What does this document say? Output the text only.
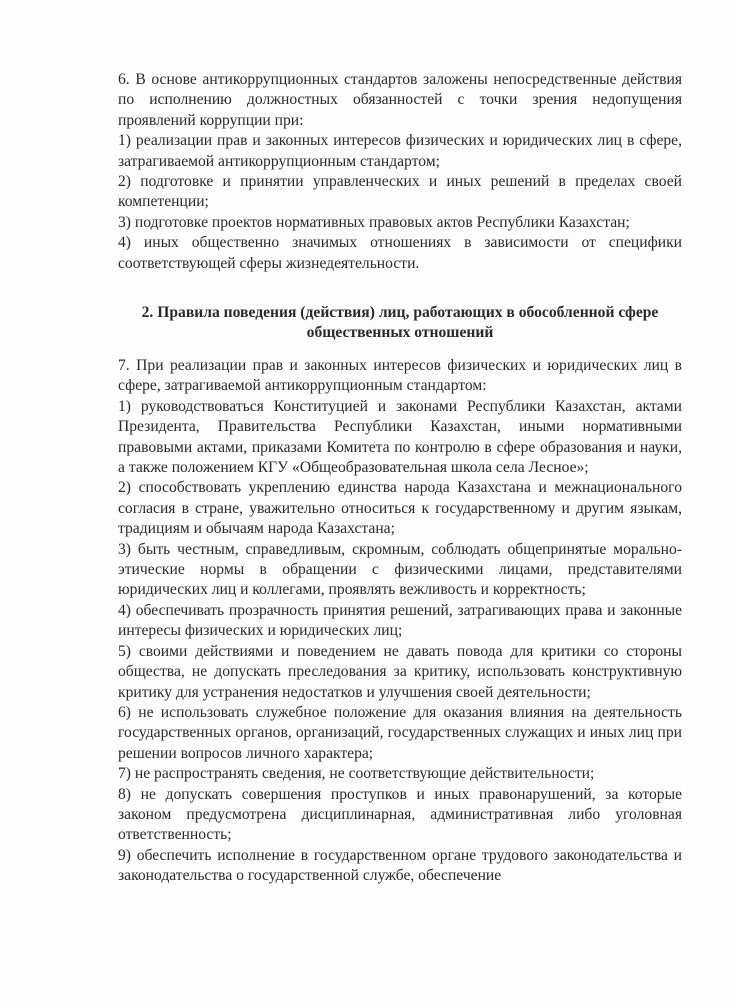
6. В основе антикоррупционных стандартов заложены непосредственные действия по исполнению должностных обязанностей с точки зрения недопущения проявлений коррупции при:

1) реализации прав и законных интересов физических и юридических лиц в сфере, затрагиваемой антикоррупционным стандартом;

2) подготовке и принятии управленческих и иных решений в пределах своей компетенции;

3) подготовке проектов нормативных правовых актов Республики Казахстан;

4) иных общественно значимых отношениях в зависимости от специфики соответствующей сферы жизнедеятельности.

2. Правила поведения (действия) лиц, работающих в обособленной сфере общественных отношений

7. При реализации прав и законных интересов физических и юридических лиц в сфере, затрагиваемой антикоррупционным стандартом:

1) руководствоваться Конституцией и законами Республики Казахстан, актами Президента, Правительства Республики Казахстан, иными нормативными правовыми актами, приказами Комитета по контролю в сфере образования и науки, а также положением КГУ «Общеобразовательная школа села Лесное»;

2) способствовать укреплению единства народа Казахстана и межнационального согласия в стране, уважительно относиться к государственному и другим языкам, традициям и обычаям народа Казахстана;

3) быть честным, справедливым, скромным, соблюдать общепринятые морально-этические нормы в обращении с физическими лицами, представителями юридических лиц и коллегами, проявлять вежливость и корректность;

4) обеспечивать прозрачность принятия решений, затрагивающих права и законные интересы физических и юридических лиц;

5) своими действиями и поведением не давать повода для критики со стороны общества, не допускать преследования за критику, использовать конструктивную критику для устранения недостатков и улучшения своей деятельности;

6) не использовать служебное положение для оказания влияния на деятельность государственных органов, организаций, государственных служащих и иных лиц при решении вопросов личного характера;

7) не распространять сведения, не соответствующие действительности;

8) не допускать совершения проступков и иных правонарушений, за которые законом предусмотрена дисциплинарная, административная либо уголовная ответственность;

9) обеспечить исполнение в государственном органе трудового законодательства и законодательства о государственной службе, обеспечение
